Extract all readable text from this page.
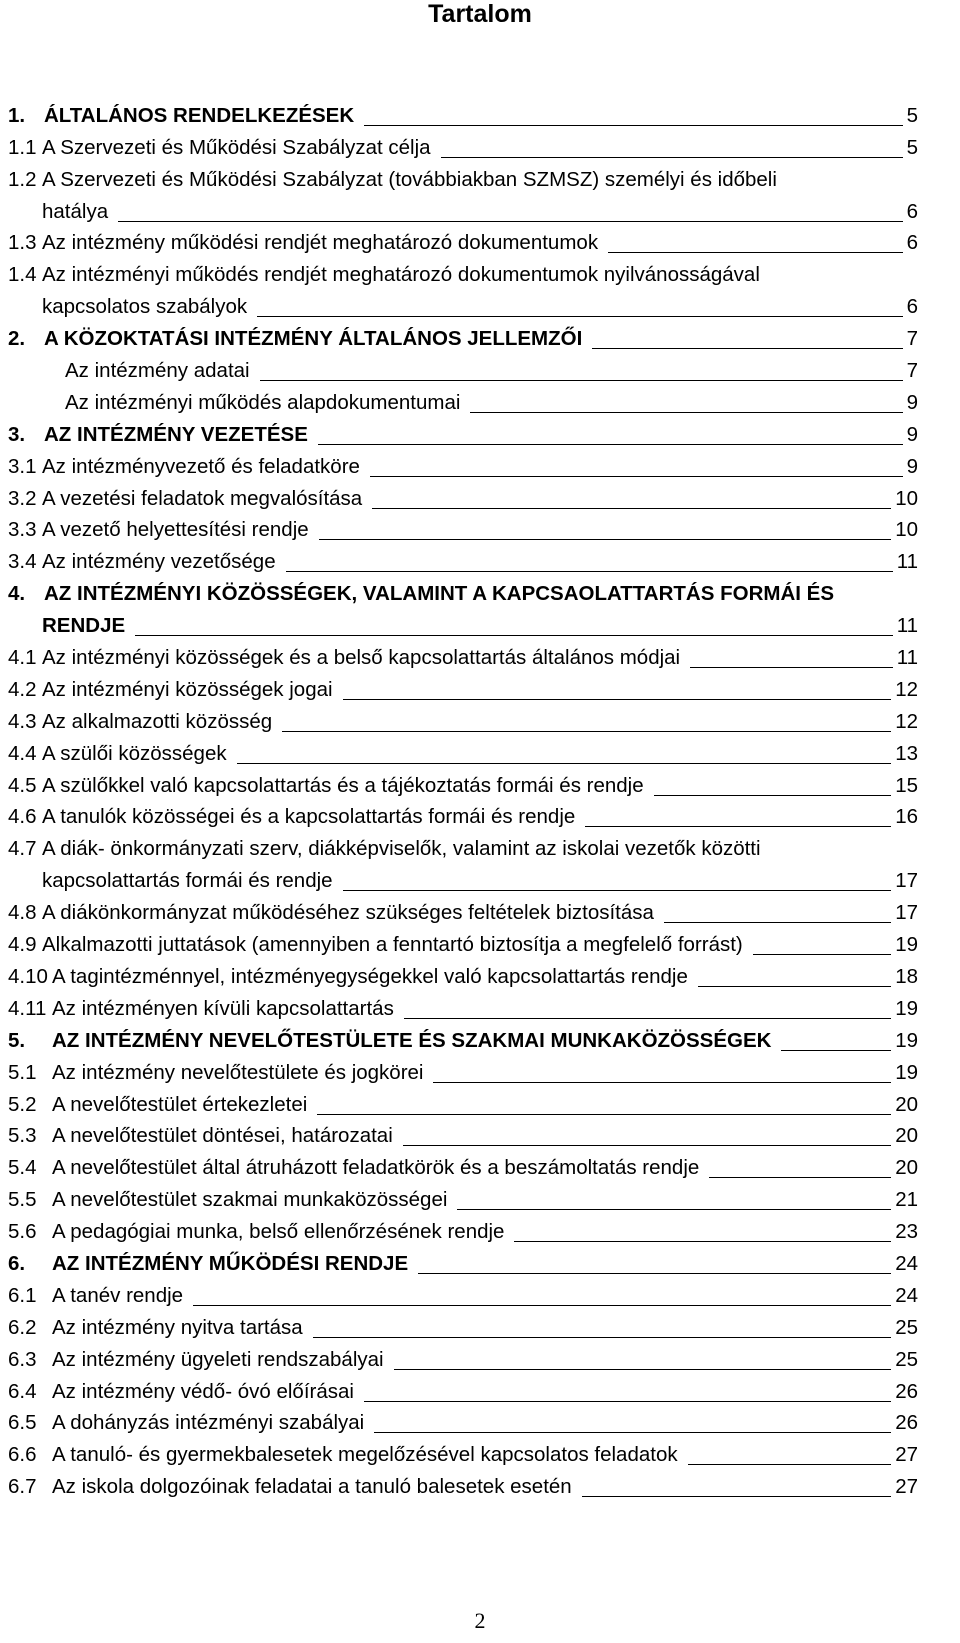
Tartalom
1. ÁLTALÁNOS RENDELKEZÉSEK	5
1.1 A Szervezeti és Működési Szabályzat célja	5
1.2 A Szervezeti és Működési Szabályzat (továbbiakban SZMSZ) személyi és időbeli
hatálya	6
1.3 Az intézmény működési rendjét meghatározó dokumentumok	6
1.4 Az intézményi működés rendjét meghatározó dokumentumok nyilvánosságával
kapcsolatos szabályok	6
2. A KÖZOKTATÁSI INTÉZMÉNY ÁLTALÁNOS JELLEMZŐI	7
Az intézmény adatai	7
Az intézményi működés alapdokumentumai	9
3. AZ INTÉZMÉNY VEZETÉSE	9
3.1 Az intézményvezető és feladatköre	9
3.2 A vezetési feladatok megvalósítása	10
3.3 A vezető helyettesítési rendje	10
3.4 Az intézmény vezetősége	11
4. AZ INTÉZMÉNYI KÖZÖSSÉGEK, VALAMINT A KAPCSAOLATTARTÁS FORMÁI ÉS
RENDJE	11
4.1 Az intézményi közösségek és a belső kapcsolattartás általános módjai	11
4.2 Az intézményi közösségek jogai	12
4.3 Az alkalmazotti közösség	12
4.4 A szülői közösségek	13
4.5 A szülőkkel való kapcsolattartás és a tájékoztatás formái és rendje	15
4.6 A tanulók közösségei és a kapcsolattartás formái és rendje	16
4.7 A diák- önkormányzati szerv, diákképviselők, valamint az iskolai vezetők közötti
kapcsolattartás formái és rendje	17
4.8 A diákönkormányzat működéséhez szükséges feltételek biztosítása	17
4.9 Alkalmazotti juttatások (amennyiben a fenntartó biztosítja a megfelelő forrást)	19
4.10 A tagintézménnyel, intézményegységekkel való kapcsolattartás rendje	18
4.11 Az intézményen kívüli kapcsolattartás	19
5. AZ INTÉZMÉNY NEVELŐTESTÜLETE ÉS SZAKMAI MUNKAKÖZÖSSÉGEK	19
5.1 Az intézmény nevelőtestülete és jogkörei	19
5.2 A nevelőtestület értekezletei	20
5.3 A nevelőtestület döntései, határozatai	20
5.4 A nevelőtestület által átruházott feladatkörök és a beszámoltatás rendje	20
5.5 A nevelőtestület szakmai munkaközösségei	21
5.6 A pedagógiai munka, belső ellenőrzésének rendje	23
6. AZ INTÉZMÉNY MŰKÖDÉSI RENDJE	24
6.1 A tanév rendje	24
6.2 Az intézmény nyitva tartása	25
6.3 Az intézmény ügyeleti rendszabályai	25
6.4 Az intézmény védő- óvó előírásai	26
6.5 A dohányzás intézményi szabályai	26
6.6 A tanuló- és gyermekbalesetek megelőzésével kapcsolatos feladatok	27
6.7 Az iskola dolgozóinak feladatai a tanuló balesetek esetén	27
2
